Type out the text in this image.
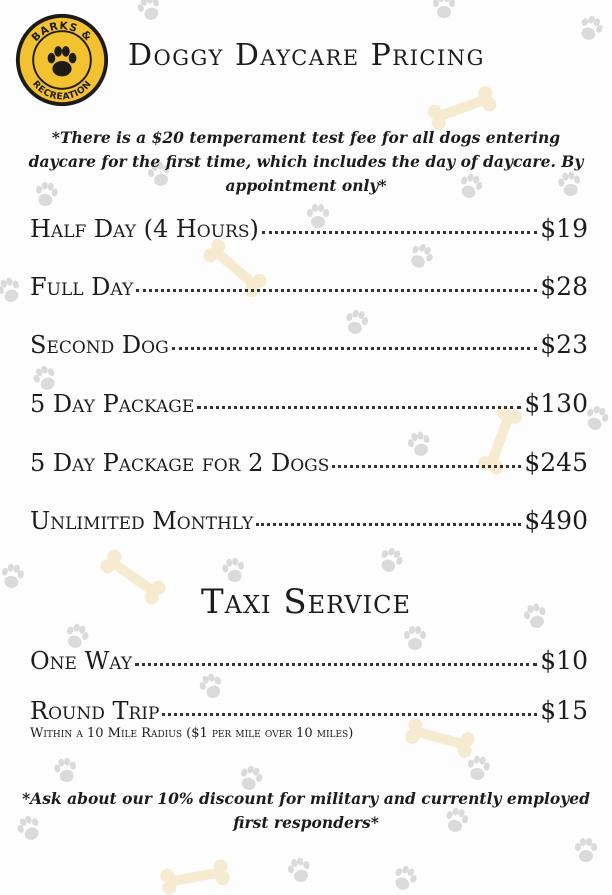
BARKS &
RECREATION
Doggy Daycare Pricing
*There is a $20 temperament test fee for all dogs entering daycare for the first time, which includes the day of daycare. By appointment only*
Half Day (4 Hours)	$19
Full Day	$28
Second Dog	$23
5 Day Package	$130
5 Day Package for 2 Dogs	$245
Unlimited Monthly	$490
Taxi Service
One Way	$10
Round Trip	$15
Within a 10 Mile Radius ($1 per mile over 10 miles)
*Ask about our 10% discount for military and currently employed first responders*
